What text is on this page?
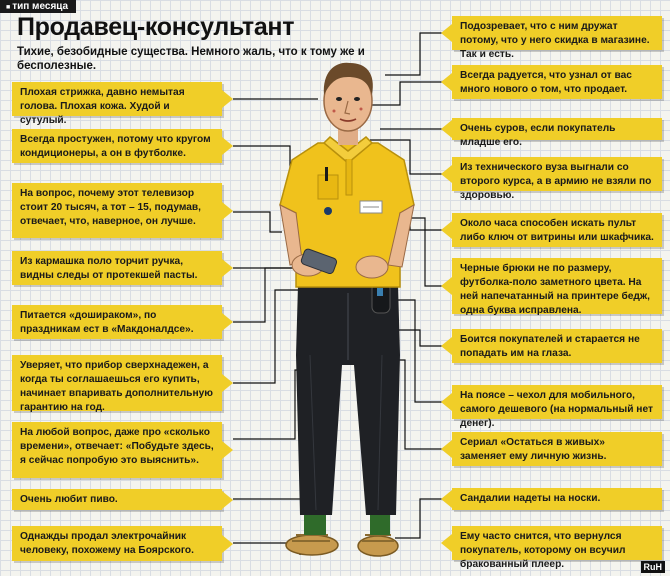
■ тип месяца
Продавец-консультант
Тихие, безобидные существа. Немного жаль, что к тому же и бесполезные.
Плохая стрижка, давно немытая голова. Плохая кожа. Худой и сутулый.
Всегда простужен, потому что кругом кондиционеры, а он в футболке.
На вопрос, почему этот телевизор стоит 20 тысяч, а тот – 15, подумав, отвечает, что, наверное, он лучше.
Из кармашка поло торчит ручка, видны следы от протекшей пасты.
Питается «дошираком», по праздникам ест в «Макдоналдсе».
Уверяет, что прибор сверхнадежен, а когда ты соглашаешься его купить, начинает впаривать дополнительную гарантию на год.
На любой вопрос, даже про «сколько времени», отвечает: «Побудьте здесь, я сейчас попробую это выяснить».
Очень любит пиво.
Однажды продал электрочайник человеку, похожему на Боярского.
Подозревает, что с ним дружат потому, что у него скидка в магазине. Так и есть.
Всегда радуется, что узнал от вас много нового о том, что продает.
Очень суров, если покупатель младше его.
Из технического вуза выгнали со второго курса, а в армию не взяли по здоровью.
Около часа способен искать пульт либо ключ от витрины или шкафчика.
Черные брюки не по размеру, футболка-поло заметного цвета. На ней напечатанный на принтере бедж, одна буква исправлена.
Боится покупателей и старается не попадать им на глаза.
На поясе – чехол для мобильного, самого дешевого (на нормальный нет денег).
Сериал «Остаться в живых» заменяет ему личную жизнь.
Сандалии надеты на носки.
Ему часто снится, что вернулся покупатель, которому он всучил бракованный плеер.	RuH
